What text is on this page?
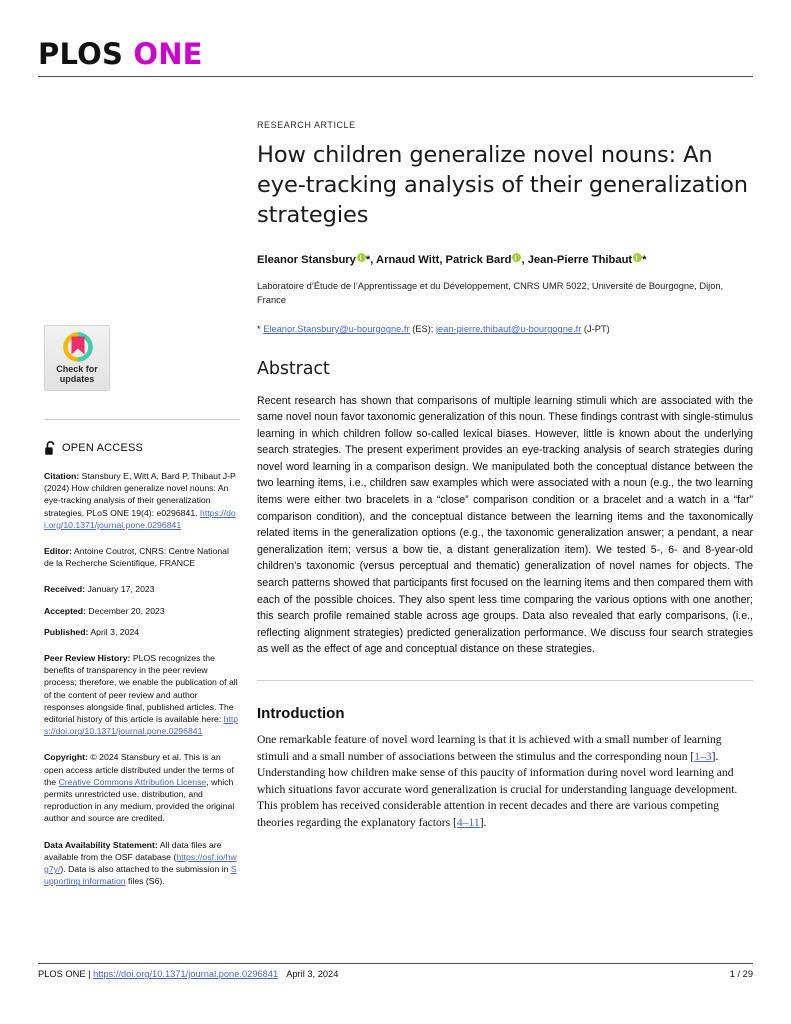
PLOS ONE
Check for
updates
OPEN ACCESS
Citation: Stansbury E, Witt A, Bard P, Thibaut J-P (2024) How children generalize novel nouns: An eye-tracking analysis of their generalization strategies. PLoS ONE 19(4): e0296841. https://doi.org/10.1371/journal.pone.0296841
Editor: Antoine Coutrot, CNRS: Centre National de la Recherche Scientifique, FRANCE
Received: January 17, 2023
Accepted: December 20, 2023
Published: April 3, 2024
Peer Review History: PLOS recognizes the benefits of transparency in the peer review process; therefore, we enable the publication of all of the content of peer review and author responses alongside final, published articles. The editorial history of this article is available here: https://doi.org/10.1371/journal.pone.0296841
Copyright: © 2024 Stansbury et al. This is an open access article distributed under the terms of the Creative Commons Attribution License, which permits unrestricted use, distribution, and reproduction in any medium, provided the original author and source are credited.
Data Availability Statement: All data files are available from the OSF database (https://osf.io/hwg7y/). Data is also attached to the submission in Supporting information files (S6).
RESEARCH ARTICLE
How children generalize novel nouns: An eye-tracking analysis of their generalization strategies
Eleanor Stansbury *, Arnaud Witt, Patrick Bard , Jean-Pierre Thibaut *
Laboratoire d’Étude de l’Apprentissage et du Développement, CNRS UMR 5022, Université de Bourgogne, Dijon, France
* Eleanor.Stansbury@u-bourgogne.fr (ES); jean-pierre.thibaut@u-bourgogne.fr (J-PT)
Abstract

Recent research has shown that comparisons of multiple learning stimuli which are associated with the same novel noun favor taxonomic generalization of this noun. These findings contrast with single-stimulus learning in which children follow so-called lexical biases. However, little is known about the underlying search strategies. The present experiment provides an eye-tracking analysis of search strategies during novel word learning in a comparison design. We manipulated both the conceptual distance between the two learning items, i.e., children saw examples which were associated with a noun (e.g., the two learning items were either two bracelets in a “close” comparison condition or a bracelet and a watch in a “far” comparison condition), and the conceptual distance between the learning items and the taxonomically related items in the generalization options (e.g., the taxonomic generalization answer; a pendant, a near generalization item; versus a bow tie, a distant generalization item). We tested 5-, 6- and 8-year-old children’s taxonomic (versus perceptual and thematic) generalization of novel names for objects. The search patterns showed that participants first focused on the learning items and then compared them with each of the possible choices. They also spent less time comparing the various options with one another; this search profile remained stable across age groups. Data also revealed that early comparisons, (i.e., reflecting alignment strategies) predicted generalization performance. We discuss four search strategies as well as the effect of age and conceptual distance on these strategies.

Introduction

One remarkable feature of novel word learning is that it is achieved with a small number of learning stimuli and a small number of associations between the stimulus and the corresponding noun [1–3]. Understanding how children make sense of this paucity of information during novel word learning and which situations favor accurate word generalization is crucial for understanding language development. This problem has received considerable attention in recent decades and there are various competing theories regarding the explanatory factors [4–11].

PLOS ONE | https://doi.org/10.1371/journal.pone.0296841 April 3, 2024	1 / 29
